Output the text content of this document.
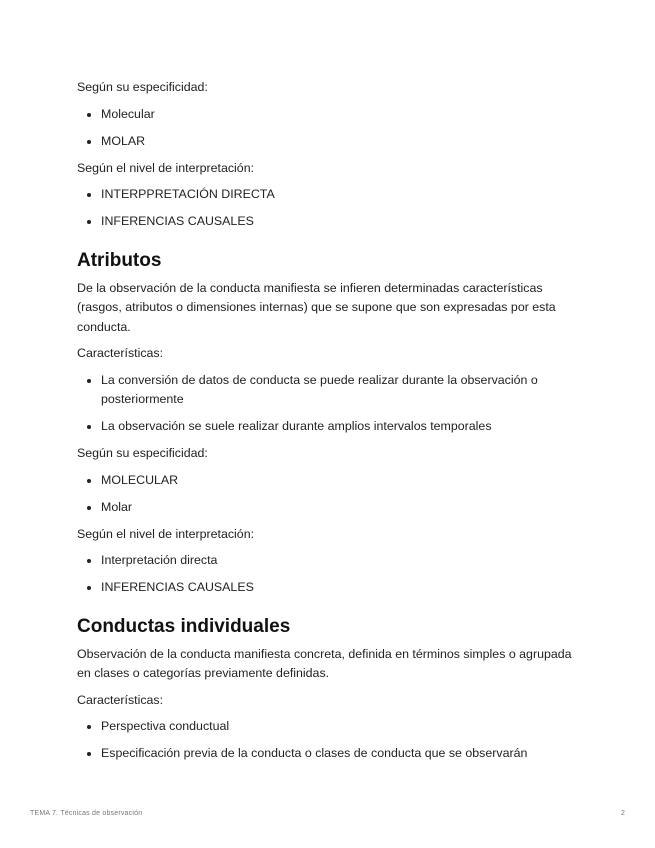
Según su especificidad:

Molecular
MOLAR

Según el nivel de interpretación:

INTERPPRETACIÓN DIRECTA
INFERENCIAS CAUSALES
Atributos

De la observación de la conducta manifiesta se infieren determinadas características (rasgos, atributos o dimensiones internas) que se supone que son expresadas por esta conducta.

Características:

La conversión de datos de conducta se puede realizar durante la observación o posteriormente
La observación se suele realizar durante amplios intervalos temporales

Según su especificidad:

MOLECULAR
Molar

Según el nivel de interpretación:

Interpretación directa
INFERENCIAS CAUSALES
Conductas individuales

Observación de la conducta manifiesta concreta, definida en términos simples o agrupada en clases o categorías previamente definidas.

Características:

Perspectiva conductual
Especificación previa de la conducta o clases de conducta que se observarán
TEMA 7. Técnicas de observación	2
